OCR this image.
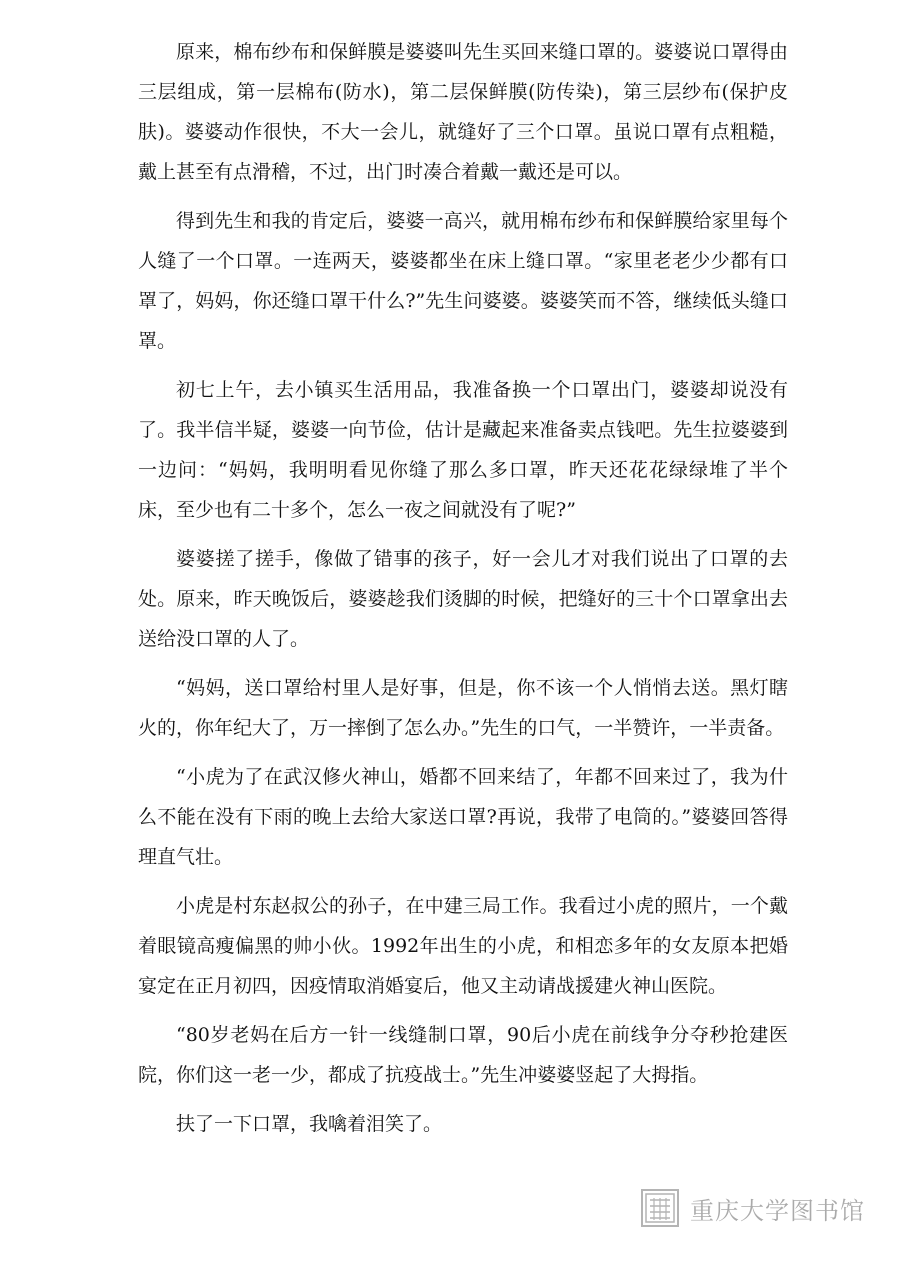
原来，棉布纱布和保鲜膜是婆婆叫先生买回来缝口罩的。婆婆说口罩得由三层组成，第一层棉布(防水)，第二层保鲜膜(防传染)，第三层纱布(保护皮肤)。婆婆动作很快，不大一会儿，就缝好了三个口罩。虽说口罩有点粗糙，戴上甚至有点滑稽，不过，出门时凑合着戴一戴还是可以。

得到先生和我的肯定后，婆婆一高兴，就用棉布纱布和保鲜膜给家里每个人缝了一个口罩。一连两天，婆婆都坐在床上缝口罩。“家里老老少少都有口罩了，妈妈，你还缝口罩干什么?”先生问婆婆。婆婆笑而不答，继续低头缝口罩。

初七上午，去小镇买生活用品，我准备换一个口罩出门，婆婆却说没有了。我半信半疑，婆婆一向节俭，估计是藏起来准备卖点钱吧。先生拉婆婆到一边问：“妈妈，我明明看见你缝了那么多口罩，昨天还花花绿绿堆了半个床，至少也有二十多个，怎么一夜之间就没有了呢?”

婆婆搓了搓手，像做了错事的孩子，好一会儿才对我们说出了口罩的去处。原来，昨天晚饭后，婆婆趁我们烫脚的时候，把缝好的三十个口罩拿出去送给没口罩的人了。

“妈妈，送口罩给村里人是好事，但是，你不该一个人悄悄去送。黑灯瞎火的，你年纪大了，万一摔倒了怎么办。”先生的口气，一半赞许，一半责备。

“小虎为了在武汉修火神山，婚都不回来结了，年都不回来过了，我为什么不能在没有下雨的晚上去给大家送口罩?再说，我带了电筒的。”婆婆回答得理直气壮。

小虎是村东赵叔公的孙子，在中建三局工作。我看过小虎的照片，一个戴着眼镜高瘦偏黑的帅小伙。1992年出生的小虎，和相恋多年的女友原本把婚宴定在正月初四，因疫情取消婚宴后，他又主动请战援建火神山医院。

“80岁老妈在后方一针一线缝制口罩，90后小虎在前线争分夺秒抢建医院，你们这一老一少，都成了抗疫战士。”先生冲婆婆竖起了大拇指。

扶了一下口罩，我噙着泪笑了。

重庆大学图书馆
